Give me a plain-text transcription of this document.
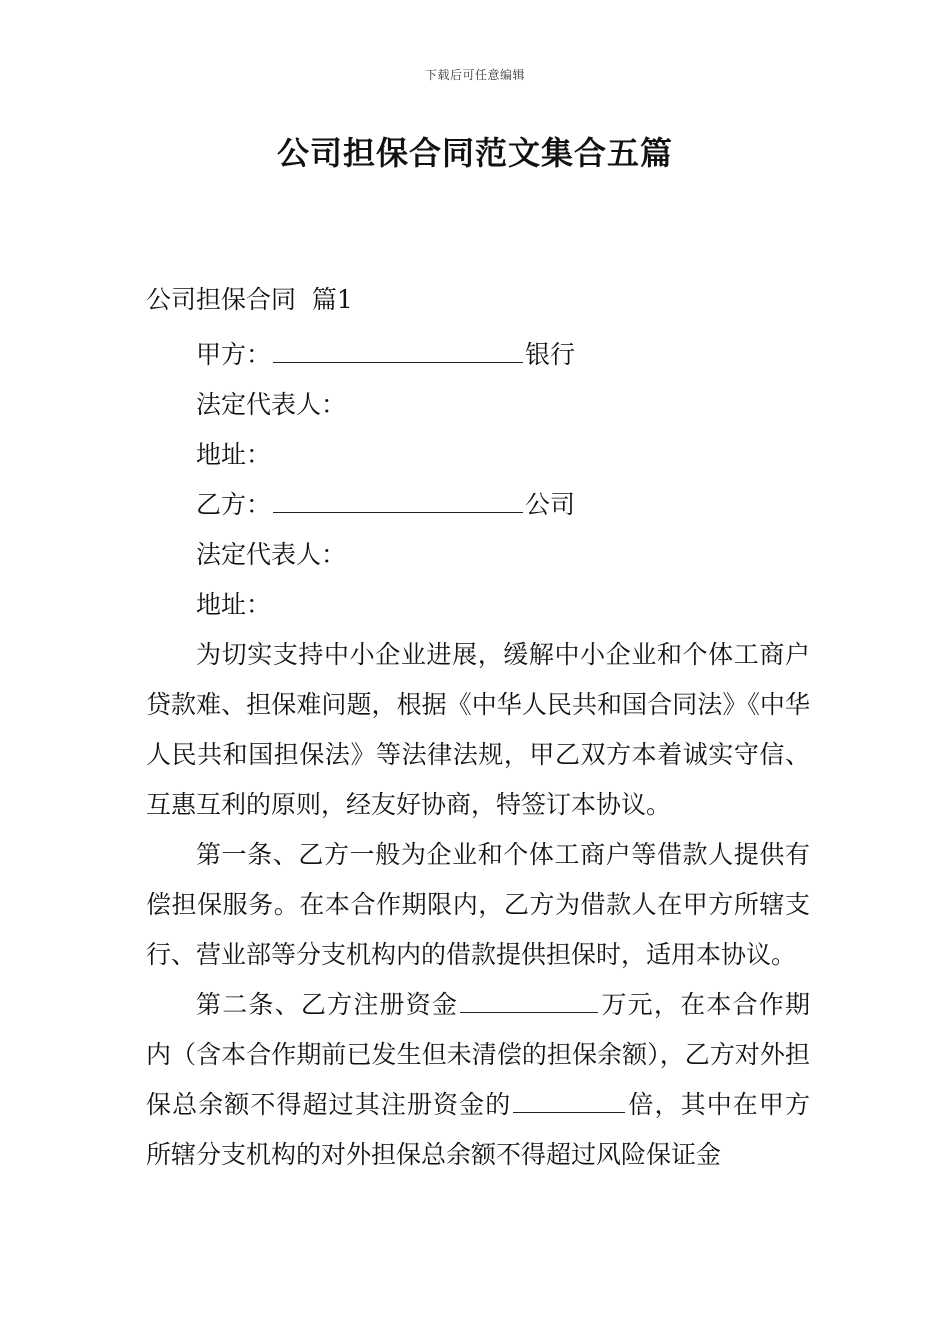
下载后可任意编辑
公司担保合同范文集合五篇

公司担保合同  篇1

甲方：	银行

法定代表人：

地址：

乙方：	公司

法定代表人：

地址：

为切实支持中小企业进展，缓解中小企业和个体工商户贷款难、担保难问题，根据《中华人民共和国合同法》《中华人民共和国担保法》等法律法规，甲乙双方本着诚实守信、互惠互利的原则，经友好协商，特签订本协议。

第一条、乙方一般为企业和个体工商户等借款人提供有偿担保服务。在本合作期限内，乙方为借款人在甲方所辖支行、营业部等分支机构内的借款提供担保时，适用本协议。

第二条、乙方注册资金	万元，在本合作期内（含本合作期前已发生但未清偿的担保余额），乙方对外担保总余额不得超过其注册资金的	倍，其中在甲方所辖分支机构的对外担保总余额不得超过风险保证金
